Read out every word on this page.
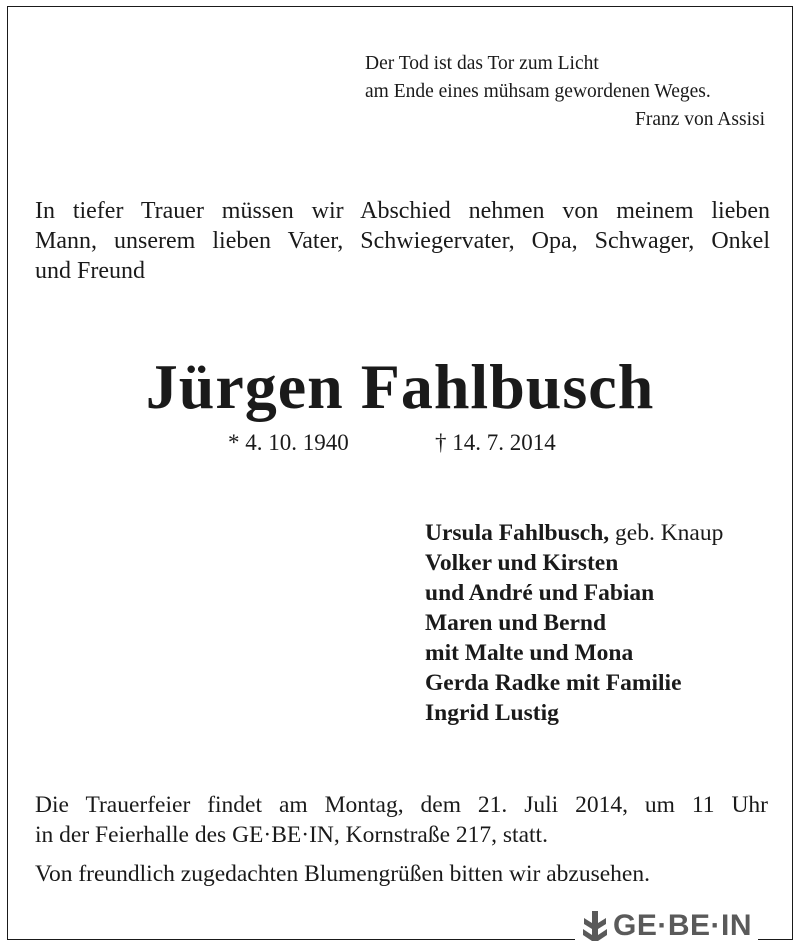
Der Tod ist das Tor zum Licht
am Ende eines mühsam gewordenen Weges.
Franz von Assisi
In tiefer Trauer müssen wir Abschied nehmen von meinem lieben
Mann, unserem lieben Vater, Schwiegervater, Opa, Schwager, Onkel
und Freund
Jürgen Fahlbusch
* 4. 10. 1940	† 14. 7. 2014
Ursula Fahlbusch, geb. Knaup
Volker und Kirsten
und André und Fabian
Maren und Bernd
mit Malte und Mona
Gerda Radke mit Familie
Ingrid Lustig
Die Trauerfeier findet am Montag, dem 21. Juli 2014, um 11 Uhr
in der Feierhalle des GE·BE·IN, Kornstraße 217, statt.
Von freundlich zugedachten Blumengrüßen bitten wir abzusehen.
GE·BE·IN
